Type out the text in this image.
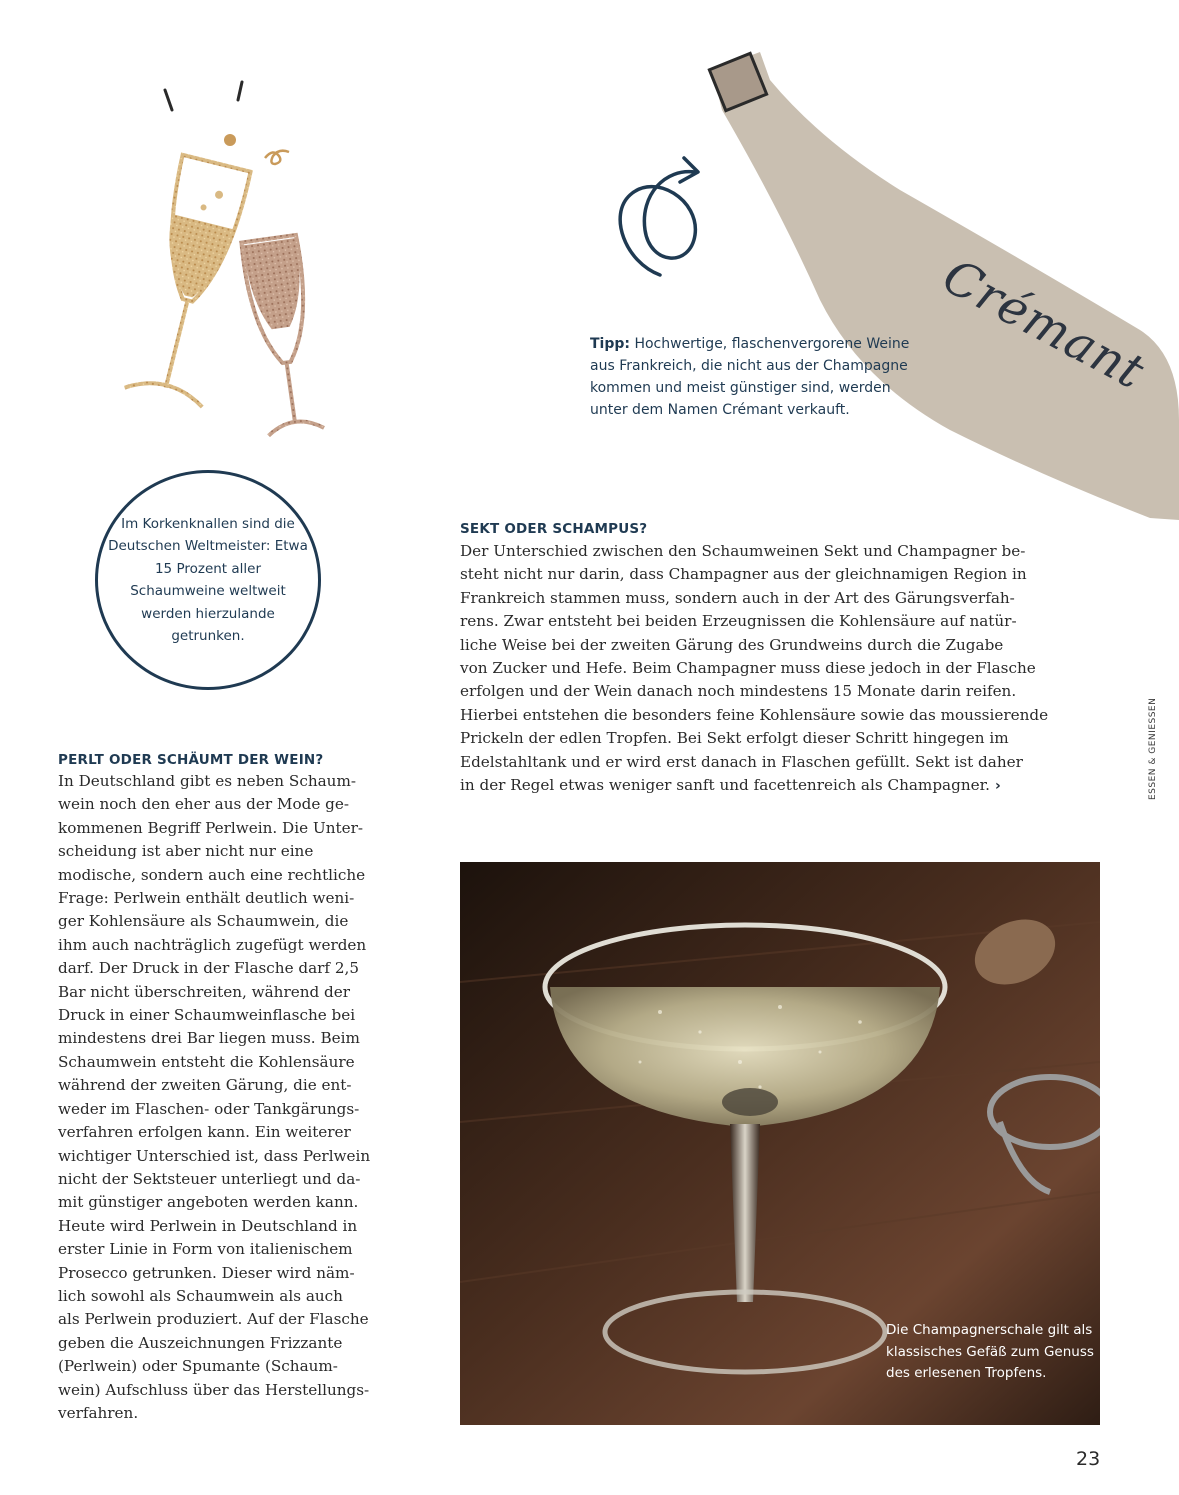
Crémant
Tipp: Hochwertige, flaschenvergorene Weine aus Frankreich, die nicht aus der Champagne kommen und meist günstiger sind, werden unter dem Namen Crémant verkauft.

Im Korkenknallen sind die Deutschen Weltmeister: Etwa 15 Prozent aller Schaumweine weltweit werden hierzulande getrunken.

PERLT ODER SCHÄUMT DER WEIN?
In Deutschland gibt es neben Schaum-
wein noch den eher aus der Mode ge-
kommenen Begriff Perlwein. Die Unter-
scheidung ist aber nicht nur eine
modische, sondern auch eine rechtliche
Frage: Perlwein enthält deutlich weni-
ger Kohlensäure als Schaumwein, die
ihm auch nachträglich zugefügt werden
darf. Der Druck in der Flasche darf 2,5
Bar nicht überschreiten, während der
Druck in einer Schaumweinflasche bei
mindestens drei Bar liegen muss. Beim
Schaumwein entsteht die Kohlensäure
während der zweiten Gärung, die ent-
weder im Flaschen- oder Tankgärungs-
verfahren erfolgen kann. Ein weiterer
wichtiger Unterschied ist, dass Perlwein
nicht der Sektsteuer unterliegt und da-
mit günstiger angeboten werden kann.
Heute wird Perlwein in Deutschland in
erster Linie in Form von italienischem
Prosecco getrunken. Dieser wird näm-
lich sowohl als Schaumwein als auch
als Perlwein produziert. Auf der Flasche
geben die Auszeichnungen Frizzante
(Perlwein) oder Spumante (Schaum-
wein) Aufschluss über das Herstellungs-
verfahren.
SEKT ODER SCHAMPUS?
Der Unterschied zwischen den Schaumweinen Sekt und Champagner be-
steht nicht nur darin, dass Champagner aus der gleichnamigen Region in
Frankreich stammen muss, sondern auch in der Art des Gärungsverfah-
rens. Zwar entsteht bei beiden Erzeugnissen die Kohlensäure auf natür-
liche Weise bei der zweiten Gärung des Grundweins durch die Zugabe
von Zucker und Hefe. Beim Champagner muss diese jedoch in der Flasche
erfolgen und der Wein danach noch mindestens 15 Monate darin reifen.
Hierbei entstehen die besonders feine Kohlensäure sowie das moussierende
Prickeln der edlen Tropfen. Bei Sekt erfolgt dieser Schritt hingegen im
Edelstahltank und er wird erst danach in Flaschen gefüllt. Sekt ist daher
in der Regel etwas weniger sanft und facettenreich als Champagner. ›	ESSEN & GENIESSEN
Die Champagnerschale gilt als klassisches Gefäß zum Genuss des erlesenen Tropfens.
23
